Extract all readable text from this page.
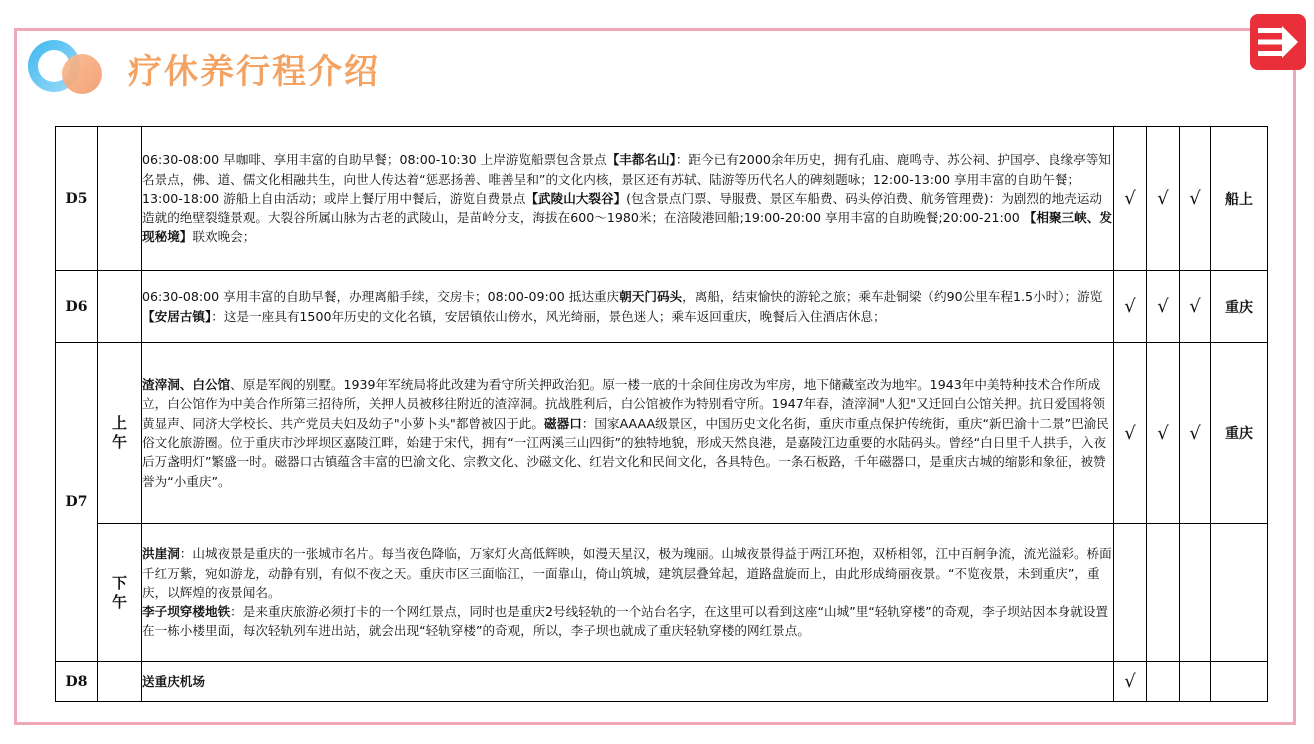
疗休养行程介绍
D5		06:30-08:00 早咖啡、享用丰富的自助早餐；08:00-10:30 上岸游览船票包含景点【丰都名山】：距今已有2000余年历史，拥有孔庙、鹿鸣寺、苏公祠、护国亭、良缘亭等知名景点，佛、道、儒文化相融共生，向世人传达着“惩恶扬善、唯善呈和”的文化内核，景区还有苏轼、陆游等历代名人的碑刻题咏；12:00-13:00 享用丰富的自助午餐；13:00-18:00 游船上自由活动；或岸上餐厅用中餐后，游览自费景点【武陵山大裂谷】(包含景点门票、导服费、景区车船费、码头停泊费、航务管理费)：为剧烈的地壳运动造就的绝壁裂缝景观。大裂谷所属山脉为古老的武陵山，是苗岭分支，海拔在600～1980米；在涪陵港回船;19:00-20:00 享用丰富的自助晚餐;20:00-21:00 【相聚三峡、发现秘境】联欢晚会；	√	√	√	船上
D6		06:30-08:00 享用丰富的自助早餐，办理离船手续，交房卡；08:00-09:00 抵达重庆朝天门码头，离船，结束愉快的游轮之旅；乘车赴铜梁（约90公里车程1.5小时）；游览【安居古镇】：这是一座具有1500年历史的文化名镇，安居镇依山傍水，风光绮丽，景色迷人；乘车返回重庆，晚餐后入住酒店休息；	√	√	√	重庆
D7	上午	渣滓洞、白公馆、原是军阀的别墅。1939年军统局将此改建为看守所关押政治犯。原一楼一底的十余间住房改为牢房，地下储藏室改为地牢。1943年中美特种技术合作所成立，白公馆作为中美合作所第三招待所，关押人员被移往附近的渣滓洞。抗战胜利后，白公馆被作为特别看守所。1947年春，渣滓洞"人犯"又迁回白公馆关押。抗日爱国将领黄显声、同济大学校长、共产党员夫妇及幼子"小萝卜头"都曾被囚于此。磁器口：国家AAAA级景区，中国历史文化名街，重庆市重点保护传统街，重庆“新巴渝十二景”巴渝民俗文化旅游圈。位于重庆市沙坪坝区嘉陵江畔，始建于宋代，拥有“一江两溪三山四街”的独特地貌，形成天然良港，是嘉陵江边重要的水陆码头。曾经“白日里千人拱手，入夜后万盏明灯”繁盛一时。磁器口古镇蕴含丰富的巴渝文化、宗教文化、沙磁文化、红岩文化和民间文化，各具特色。一条石板路，千年磁器口，是重庆古城的缩影和象征，被赞誉为“小重庆”。	√	√	√	重庆
	下午	洪崖洞：山城夜景是重庆的一张城市名片。每当夜色降临，万家灯火高低辉映，如漫天星汉，极为瑰丽。山城夜景得益于两江环抱，双桥相邻，江中百舸争流，流光溢彩。桥面千红万紫，宛如游龙，动静有别，有似不夜之天。重庆市区三面临江，一面靠山，倚山筑城，建筑层叠耸起，道路盘旋而上，由此形成绮丽夜景。“不览夜景，未到重庆”，重庆，以辉煌的夜景闻名。
李子坝穿楼地铁：是来重庆旅游必须打卡的一个网红景点，同时也是重庆2号线轻轨的一个站台名字，在这里可以看到这座“山城”里“轻轨穿楼”的奇观，李子坝站因本身就设置在一栋小楼里面，每次轻轨列车进出站，就会出现“轻轨穿楼”的奇观，所以，李子坝也就成了重庆轻轨穿楼的网红景点。				

D8		送重庆机场	√			
